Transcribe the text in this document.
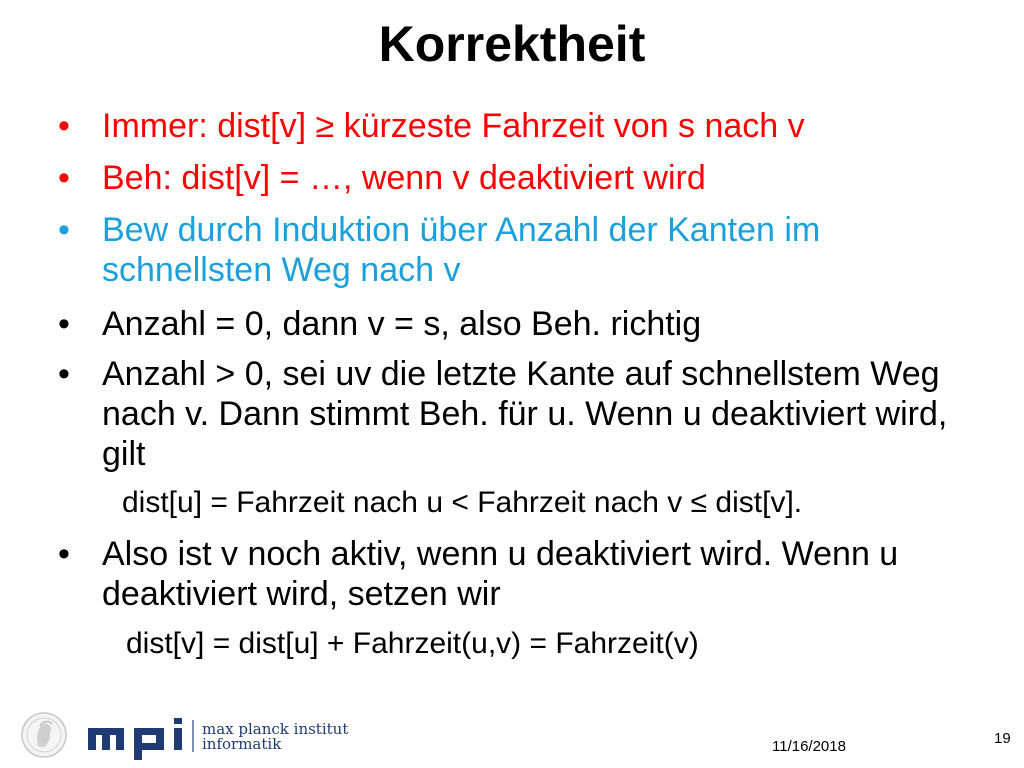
Korrektheit
• Immer: dist[v] ≥ kürzeste Fahrzeit von s nach v
• Beh: dist[v] = …, wenn v deaktiviert wird
• Bew durch Induktion über Anzahl der Kanten im schnellsten Weg nach v
• Anzahl = 0, dann v = s, also Beh. richtig
• Anzahl > 0, sei uv die letzte Kante auf schnellstem Weg nach v. Dann stimmt Beh. für u. Wenn u deaktiviert wird, gilt
dist[u] = Fahrzeit nach u < Fahrzeit nach v ≤ dist[v].
• Also ist v noch aktiv, wenn u deaktiviert wird. Wenn u deaktiviert wird, setzen wir
dist[v] = dist[u] + Fahrzeit(u,v) = Fahrzeit(v)
max planck institut
informatik	11/16/2018	19
